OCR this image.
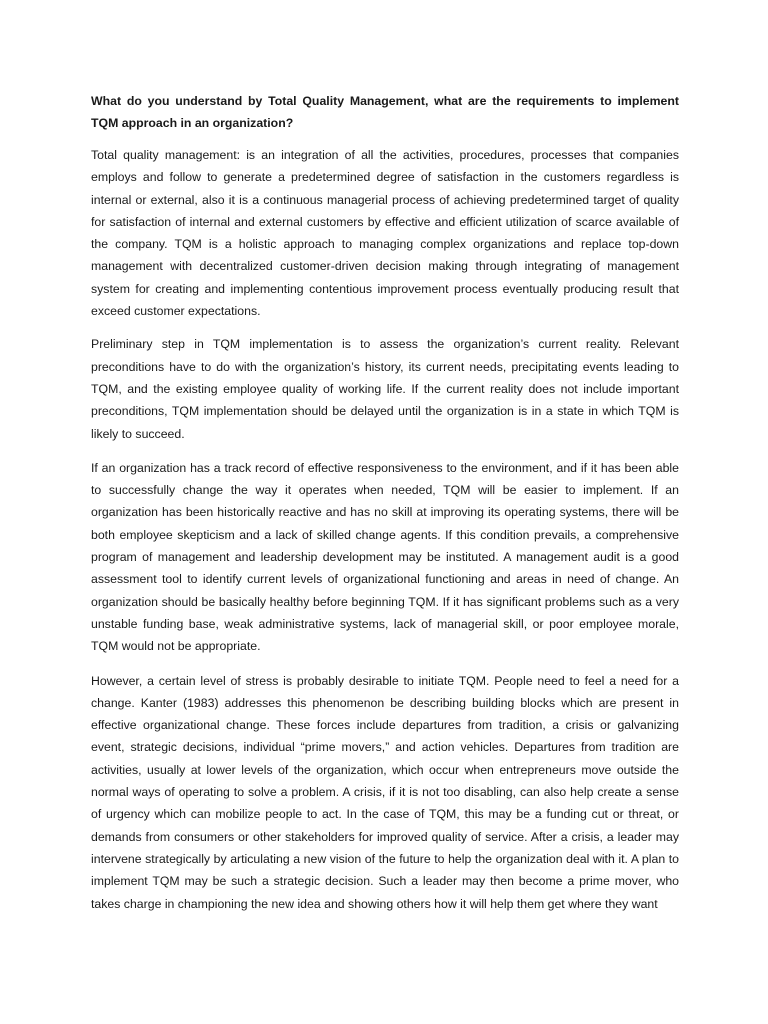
What do you understand by Total Quality Management, what are the requirements to implement TQM approach in an organization?

Total quality management: is an integration of all the activities, procedures, processes that companies employs and follow to generate a predetermined degree of satisfaction in the customers regardless is internal or external, also it is a continuous managerial process of achieving predetermined target of quality for satisfaction of internal and external customers by effective and efficient utilization of scarce available of the company. TQM is a holistic approach to managing complex organizations and replace top-down management with decentralized customer-driven decision making through integrating of management system for creating and implementing contentious improvement process eventually producing result that exceed customer expectations.

Preliminary step in TQM implementation is to assess the organization’s current reality. Relevant preconditions have to do with the organization’s history, its current needs, precipitating events leading to TQM, and the existing employee quality of working life. If the current reality does not include important preconditions, TQM implementation should be delayed until the organization is in a state in which TQM is likely to succeed.

If an organization has a track record of effective responsiveness to the environment, and if it has been able to successfully change the way it operates when needed, TQM will be easier to implement. If an organization has been historically reactive and has no skill at improving its operating systems, there will be both employee skepticism and a lack of skilled change agents. If this condition prevails, a comprehensive program of management and leadership development may be instituted. A management audit is a good assessment tool to identify current levels of organizational functioning and areas in need of change. An organization should be basically healthy before beginning TQM. If it has significant problems such as a very unstable funding base, weak administrative systems, lack of managerial skill, or poor employee morale, TQM would not be appropriate.

However, a certain level of stress is probably desirable to initiate TQM. People need to feel a need for a change. Kanter (1983) addresses this phenomenon be describing building blocks which are present in effective organizational change. These forces include departures from tradition, a crisis or galvanizing event, strategic decisions, individual “prime movers,” and action vehicles. Departures from tradition are activities, usually at lower levels of the organization, which occur when entrepreneurs move outside the normal ways of operating to solve a problem. A crisis, if it is not too disabling, can also help create a sense of urgency which can mobilize people to act. In the case of TQM, this may be a funding cut or threat, or demands from consumers or other stakeholders for improved quality of service. After a crisis, a leader may intervene strategically by articulating a new vision of the future to help the organization deal with it. A plan to implement TQM may be such a strategic decision. Such a leader may then become a prime mover, who takes charge in championing the new idea and showing others how it will help them get where they want
